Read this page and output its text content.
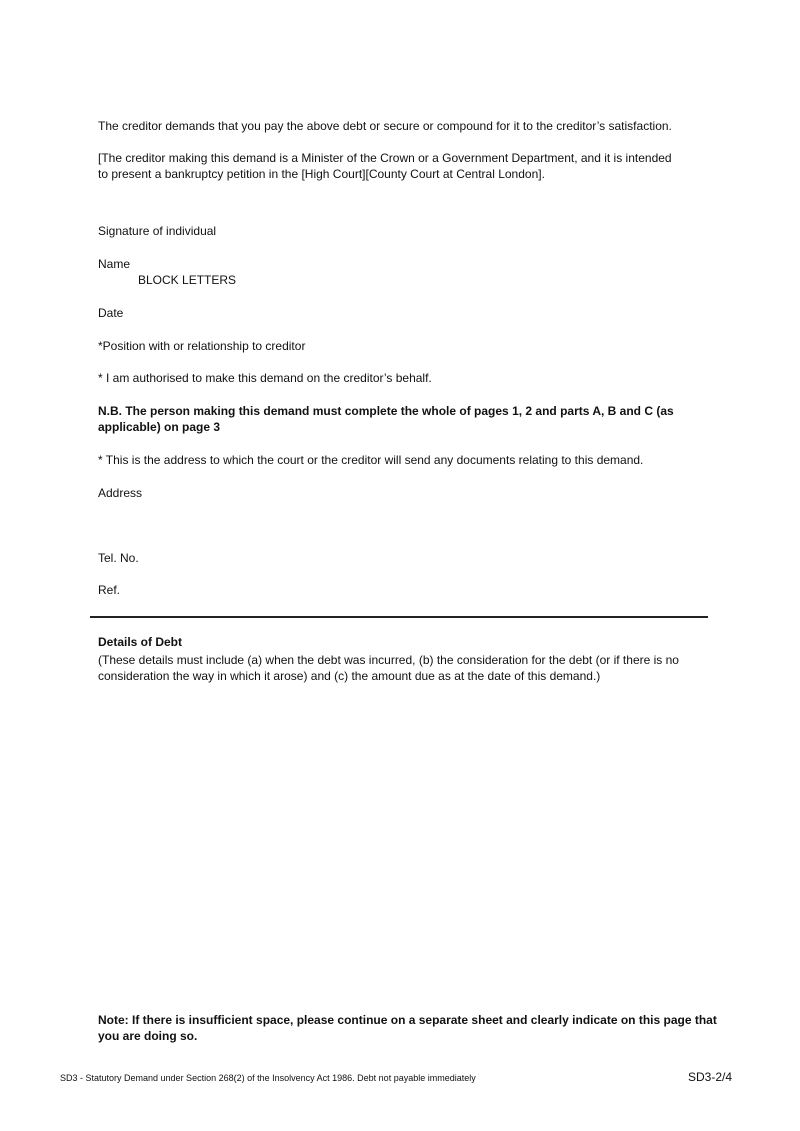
The creditor demands that you pay the above debt or secure or compound for it to the creditor’s satisfaction.
[The creditor making this demand is a Minister of the Crown or a Government Department, and it is intended
to present a bankruptcy petition in the [High Court][County Court at Central London].
Signature of individual
Name
BLOCK LETTERS
Date
*Position with or relationship to creditor
* I am authorised to make this demand on the creditor’s behalf.
N.B. The person making this demand must complete the whole of pages 1, 2 and parts A, B and C (as
applicable) on page 3
* This is the address to which the court or the creditor will send any documents relating to this demand.
Address
Tel. No.
Ref.
Details of Debt
(These details must include (a) when the debt was incurred, (b) the consideration for the debt (or if there is no
consideration the way in which it arose) and (c) the amount due as at the date of this demand.)
Note: If there is insufficient space, please continue on a separate sheet and clearly indicate on this page that
you are doing so.
SD3 - Statutory Demand under Section 268(2) of the Insolvency Act 1986. Debt not payable immediately	SD3-2/4
